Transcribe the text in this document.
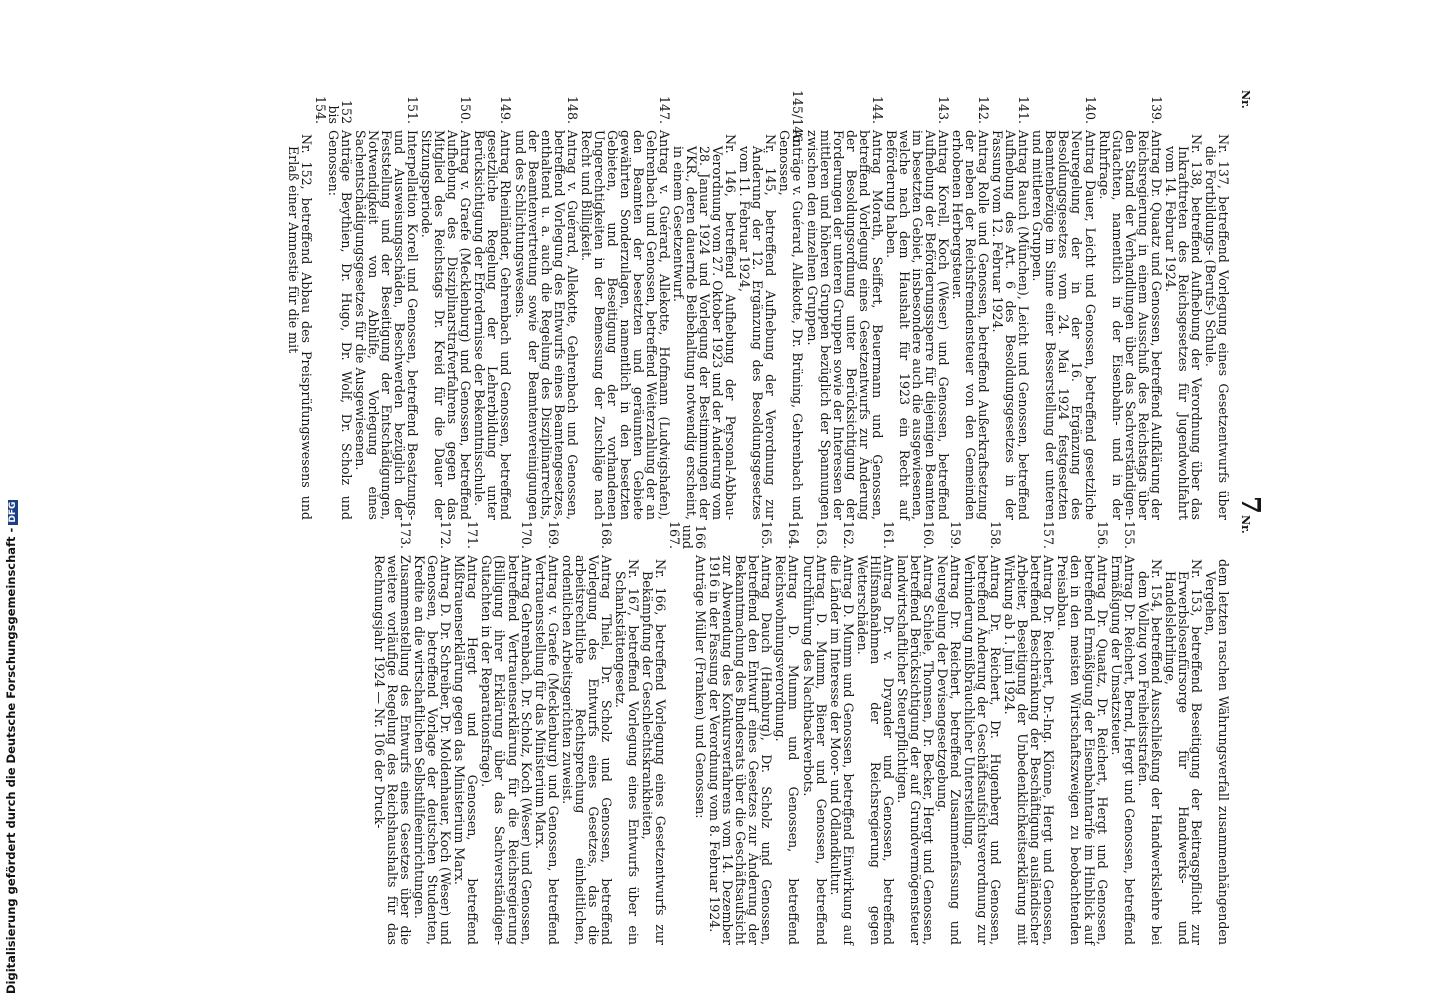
Nr.
7
Nr.
Nr. 137, betreffend Vorlegung eines Gesetzentwurfs über die Fortbildungs- (Berufs-) Schule.
Nr. 138, betreffend Aufhebung der Verordnung über das Inkrafttreten des Reichsgesetzes für Jugendwohlfahrt vom 14. Februar 1924.
139.
Antrag Dr. Quaatz und Genossen, betreffend Aufklärung der Reichsregierung in einem Ausschuß des Reichstags über den Stand der Verhandlungen über das Sachverständigen-Gutachten, namentlich in der Eisenbahn- und in der Ruhrfrage.
140.
Antrag Dauer, Leicht und Genossen, betreffend gesetzliche Neuregelung der in der 16. Ergänzung des Besoldungsgesetzes vom 24. Mai 1924 festgesetzten Beamtenbezüge im Sinne einer Besserstellung der unteren und mittleren Gruppen.
141.
Antrag Rauch (München), Leicht und Genossen, betreffend Aufhebung des Art. 6 des Besoldungsgesetzes in der Fassung vom 12. Februar 1924.
142.
Antrag Rolle und Genossen, betreffend Außerkraftsetzung der neben der Reichsfremdensteuer von den Gemeinden erhobenen Herbergsteuer.
143.
Antrag Korell, Koch (Weser) und Genossen, betreffend Aufhebung der Beförderungssperre für diejenigen Beamten im besetzten Gebiet, insbesondere auch die ausgewiesenen, welche nach dem Haushalt für 1923 ein Recht auf Beförderung haben.
144.
Antrag Morath, Seiffert, Beuermann und Genossen, betreffend Vorlegung eines Gesetzentwurfs zur Änderung der Besoldungsordnung unter Berücksichtigung der Forderungen der unteren Gruppen sowie der Interessen der mittleren und höheren Gruppen bezüglich der Spannungen zwischen den einzelnen Gruppen.
145/146.
Anträge v. Guérard, Allekotte, Dr. Brüning, Gehrenbach und Genossen,
Nr. 145, betreffend Aufhebung der Verordnung zur Änderung der 12. Ergänzung des Besoldungsgesetzes vom 11. Februar 1924,
Nr. 146, betreffend Aufhebung der Personal-Abbau-Verordnung vom 27. Oktober 1923 und der Änderung vom 28. Januar 1924 und Vorlegung der Bestimmungen der VKR., deren dauernde Beibehaltung notwendig erscheint, in einem Gesetzentwurf.
147.
Antrag v. Guérard, Allekotte, Hofmann (Ludwigshafen), Gehrenbach und Genossen, betreffend Weiterzahlung der an den Beamten der besetzten und geräumten Gebiete gewährten Sonderzulagen, namentlich in den besetzten Gebieten, und Beseitigung der vorhandenen Ungerechtigkeiten in der Bemessung der Zuschläge nach Recht und Billigkeit.
148.
Antrag v. Guérard, Allekotte, Gehrenbach und Genossen, betreffend Vorlegung des Entwurfs eines Beamtengesetzes, enthaltend u. a. auch die Regelung des Disziplinarrechts, der Beamtenvertretung sowie der Beamtenvereinigungen und des Schlichtungswesens.
149.
Antrag Rheinländer, Gehrenbach und Genossen, betreffend gesetzliche Regelung der Lehrerbildung unter Berücksichtigung der Erfordernisse der Bekenntnisschule.
150.
Antrag v. Graefe (Mecklenburg) und Genossen, betreffend Aufhebung des Disziplinarstrafverfahrens gegen das Mitglied des Reichstags Dr. Kreid für die Dauer der Sitzungsperiode.
151.
Interpellation Korell und Genossen, betreffend Besatzungs- und Ausweisungsschäden, Beschwerden bezüglich der Feststellung und der Beseitigung der Entschädigungen, Notwendigkeit von Abhilfe, Vorlegung eines Sachentschädigungsgesetzes für die Ausgewiesenen.
152 bis 154.
Anträge Beythien, Dr. Hugo, Dr. Wolf, Dr. Scholz und Genossen:
Nr. 152, betreffend Abbau des Preisprüfungswesens und Erlaß einer Amnestie für die mit
dem letzten raschen Währungsverfall zusammenhängenden Vergehen,
Nr. 153, betreffend Beseitigung der Beitragspflicht zur Erwerbslosenfürsorge für Handwerks- und Handelslehrlinge,
Nr. 154, betreffend Ausschließung der Handwerkslehre bei dem Vollzug von Freiheitsstrafen.
155.
Antrag Dr. Reichert, Bernd, Hergt und Genossen, betreffend Ermäßigung der Umsatzsteuer.
156.
Antrag Dr. Quaatz, Dr. Reichert, Hergt und Genossen, betreffend Ermäßigung der Eisenbahntarife im Hinblick auf den in den meisten Wirtschaftszweigen zu beobachtenden Preisabbau.
157.
Antrag Dr. Reichert, Dr.-Ing. Klönne, Hergt und Genossen, betreffend Beschränkung der Beschäftigung ausländischer Arbeiter, Beseitigung der Unbedenklichkeitserklärung mit Wirkung ab 1. Juni 1924.
158.
Antrag Dr. Reichert, Dr. Hugenberg und Genossen, betreffend Änderung der Geschäftsaufsichtsverordnung zur Verhinderung mißbräuchlicher Unterstellung.
159.
Antrag Dr. Reichert, betreffend Zusammenfassung und Neuregelung der Devisengesetzgebung.
160.
Antrag Schiele, Thomsen, Dr. Becker, Hergt und Genossen, betreffend Berücksichtigung der auf Grundvermögensteuer landwirtschaftlicher Steuerpflichtigen.
161.
Antrag Dr. v. Dryander und Genossen, betreffend Hilfsmaßnahmen der Reichsregierung gegen Wetterschäden.
162.
Antrag D. Mumm und Genossen, betreffend Einwirkung auf die Länder im Interesse der Moor- und Ödlandkultur.
163.
Antrag D. Mumm, Biener und Genossen, betreffend Durchführung des Nachtbackverbots.
164.
Antrag D. Mumm und Genossen, betreffend Reichswohnungsverordnung.
165.
Antrag Dauch (Hamburg), Dr. Scholz und Genossen, betreffend den Entwurf eines Gesetzes zur Änderung der Bekanntmachung des Bundesrats über die Geschäftsaufsicht zur Abwendung des Konkursverfahrens vom 14. Dezember 1916 in der Fassung der Verordnung vom 8. Februar 1924.
166 und 167.
Anträge Müller (Franken) und Genossen:
Nr. 166, betreffend Vorlegung eines Gesetzentwurfs zur Bekämpfung der Geschlechtskrankheiten,
Nr. 167, betreffend Vorlegung eines Entwurfs über ein Schankstättengesetz.
168.
Antrag Thiel, Dr. Scholz und Genossen, betreffend Vorlegung des Entwurfs eines Gesetzes, das die arbeitsrechtliche Rechtsprechung einheitlichen, ordentlichen Arbeitsgerichten zuweist.
169.
Antrag v. Graefe (Mecklenburg) und Genossen, betreffend Vertrauensstellung für das Ministerium Marx.
170.
Antrag Gehrenbach, Dr. Scholz, Koch (Weser) und Genossen, betreffend Vertrauenserklärung für die Reichsregierung (Billigung ihrer Erklärung über das Sachverständigen-Gutachten in der Reparationsfrage).
171.
Antrag Hergt und Genossen, betreffend Mißtrauenserklärung gegen das Ministerium Marx.
172.
Antrag D. Dr. Schreiber, Dr. Moldenhauer, Koch (Weser) und Genossen, betreffend Vorlage der deutschen Studenten, Kredite an die wirtschaftlichen Selbsthilfeeinrichtungen.
173.
Zusammenstellung des Entwurfs eines Gesetzes über die weitere vorläufige Regelung des Reichshaushalts für das Rechnungsjahr 1924 — Nr. 106 der Druck-
Digitalisierung gefördert durch die Deutsche Forschungsgemeinschaft -DFG
